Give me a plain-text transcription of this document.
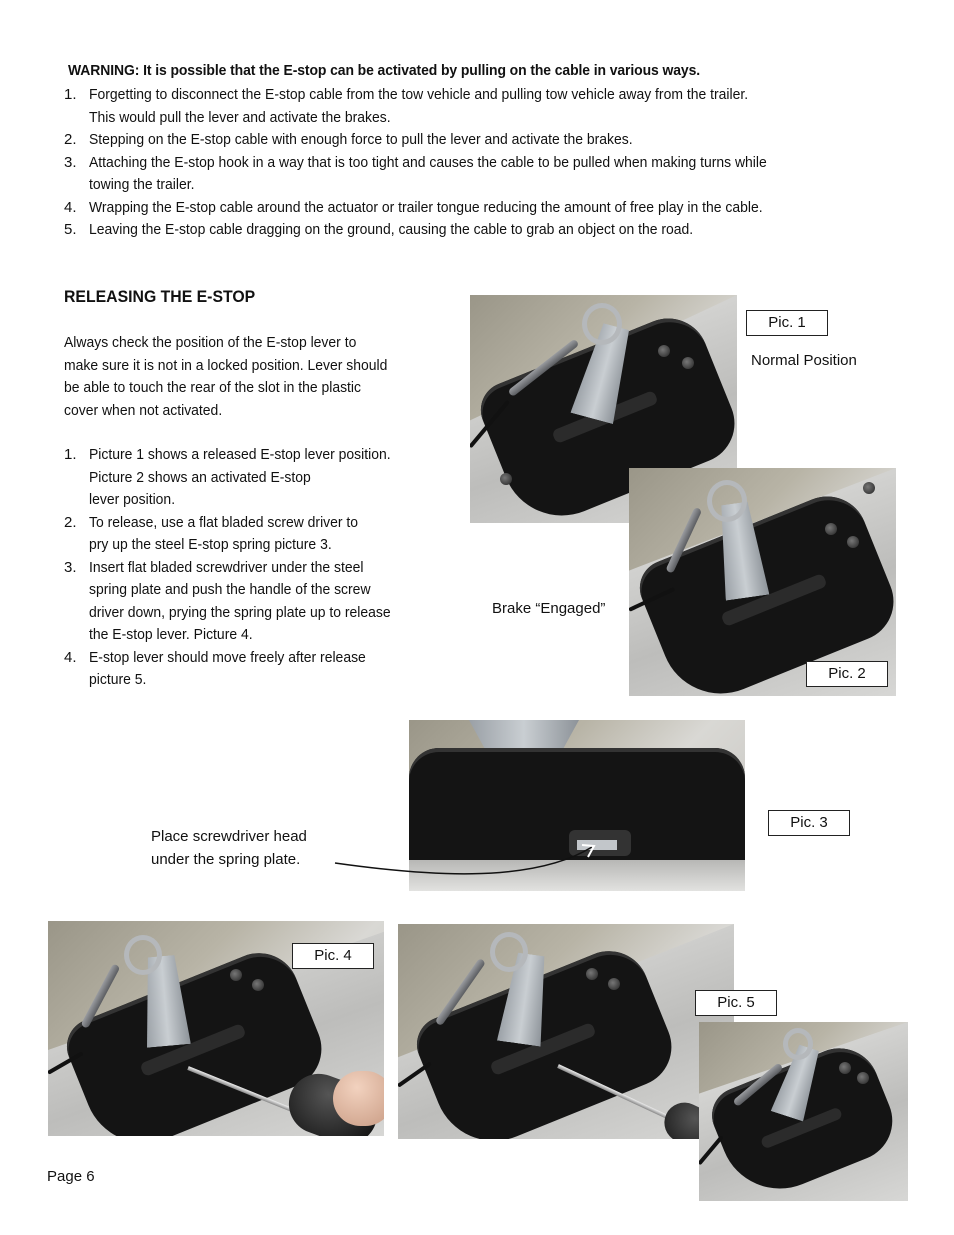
WARNING: It is possible that the E-stop can be activated by pulling on the cable in various ways.
1. Forgetting to disconnect the E-stop cable from the tow vehicle and pulling tow vehicle away from the trailer.
This would pull the lever and activate the brakes.
2. Stepping on the E-stop cable with enough force to pull the lever and activate the brakes.
3. Attaching the E-stop hook in a way that is too tight and causes the cable to be pulled when making turns while
towing the trailer.
4. Wrapping the E-stop cable around the actuator or trailer tongue reducing the amount of free play in the cable.
5. Leaving the E-stop cable dragging on the ground, causing the cable to grab an object on the road.
RELEASING THE E-STOP
Always check the position of the E-stop lever to
make sure it is not in a locked position. Lever should
be able to touch the rear of the slot in the plastic
cover when not activated.
1. Picture 1 shows a released E-stop lever position.
Picture 2 shows an activated E-stop
lever position.
2. To release, use a flat bladed screw driver to
pry up the steel E-stop spring picture 3.
3. Insert flat bladed screwdriver under the steel
spring plate and push the handle of the screw
driver down, prying the spring plate up to release
the E-stop lever. Picture 4.
4. E-stop lever should move freely after release
picture 5.
Pic. 1
Normal Position
Brake “Engaged”
Pic. 2
Pic. 3
Place screwdriver head
under the spring plate.
Pic. 4
Pic. 5
Page 6
